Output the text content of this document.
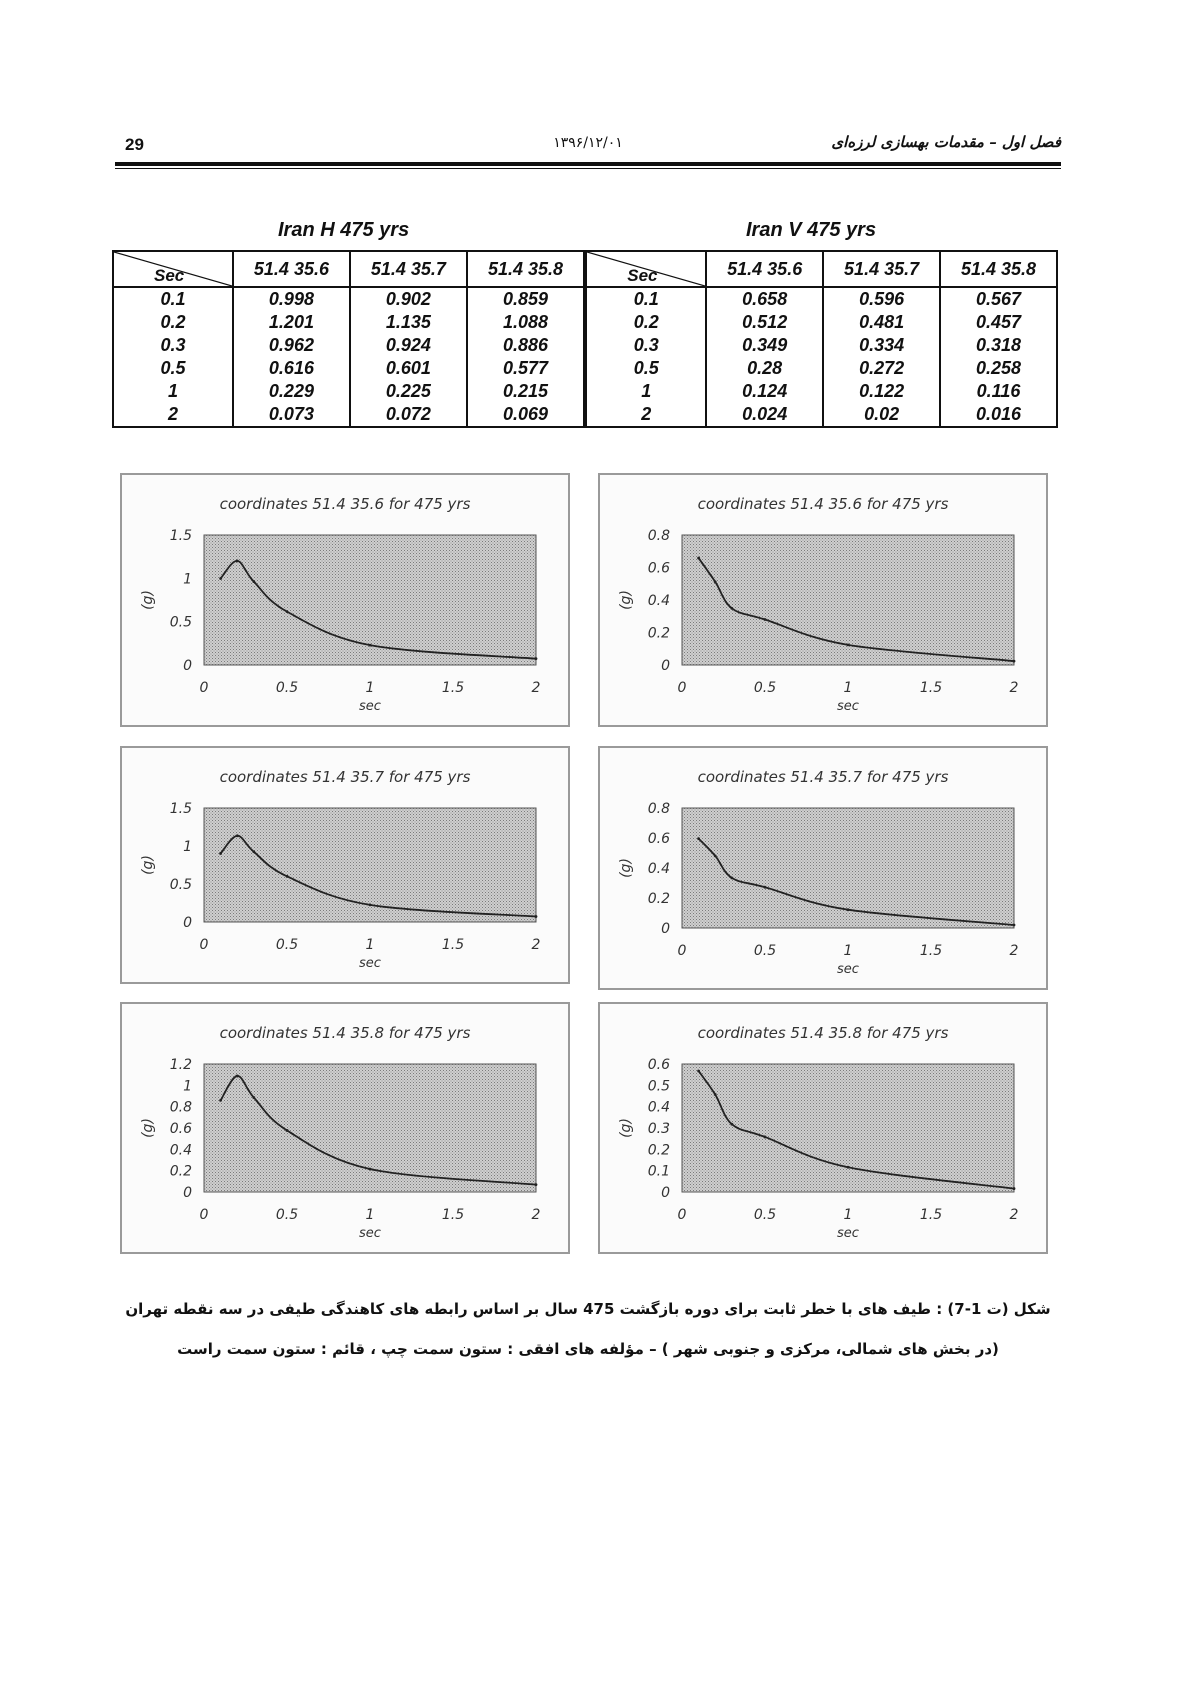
29	۱۳۹۶/۱۲/۰۱	فصل اول – مقدمات بهسازی لرزه‌ای
Iran H 475 yrs	Iran V 475 yrs
Sec	51.4 35.6	51.4 35.7	51.4 35.8	Sec	51.4 35.6	51.4 35.7	51.4 35.8
0.1	0.998	0.902	0.859	0.1	0.658	0.596	0.567
0.2	1.201	1.135	1.088	0.2	0.512	0.481	0.457
0.3	0.962	0.924	0.886	0.3	0.349	0.334	0.318
0.5	0.616	0.601	0.577	0.5	0.28	0.272	0.258
1	0.229	0.225	0.215	1	0.124	0.122	0.116
2	0.073	0.072	0.069	2	0.024	0.02	0.016
coordinates 51.4 35.6 for 475 yrs
1.5
1
0.5
0
0	0.5	1	1.5	2
sec
(g)
coordinates 51.4 35.6 for 475 yrs
0.8
0.6
0.4
0.2
0
0	0.5	1	1.5	2
sec
(g)
coordinates 51.4 35.7 for 475 yrs
1.5
1
0.5
0
0	0.5	1	1.5	2
sec
(g)
coordinates 51.4 35.7 for 475 yrs
0.8
0.6
0.4
0.2
0
0	0.5	1	1.5	2
sec
(g)
coordinates 51.4 35.8 for 475 yrs
1.2
1
0.8
0.6
0.4
0.2
0
0	0.5	1	1.5	2
sec
(g)
coordinates 51.4 35.8 for 475 yrs
0.6
0.5
0.4
0.3
0.2
0.1
0
0	0.5	1	1.5	2
sec
(g)
شکل (ت 1-7) : طیف های با خطر ثابت برای دوره بازگشت 475 سال بر اساس رابطه های کاهندگی طیفی در سه نقطه تهران
(در بخش های شمالی، مرکزی و جنوبی شهر ) – مؤلفه های افقی : ستون سمت چپ ، قائم : ستون سمت راست
